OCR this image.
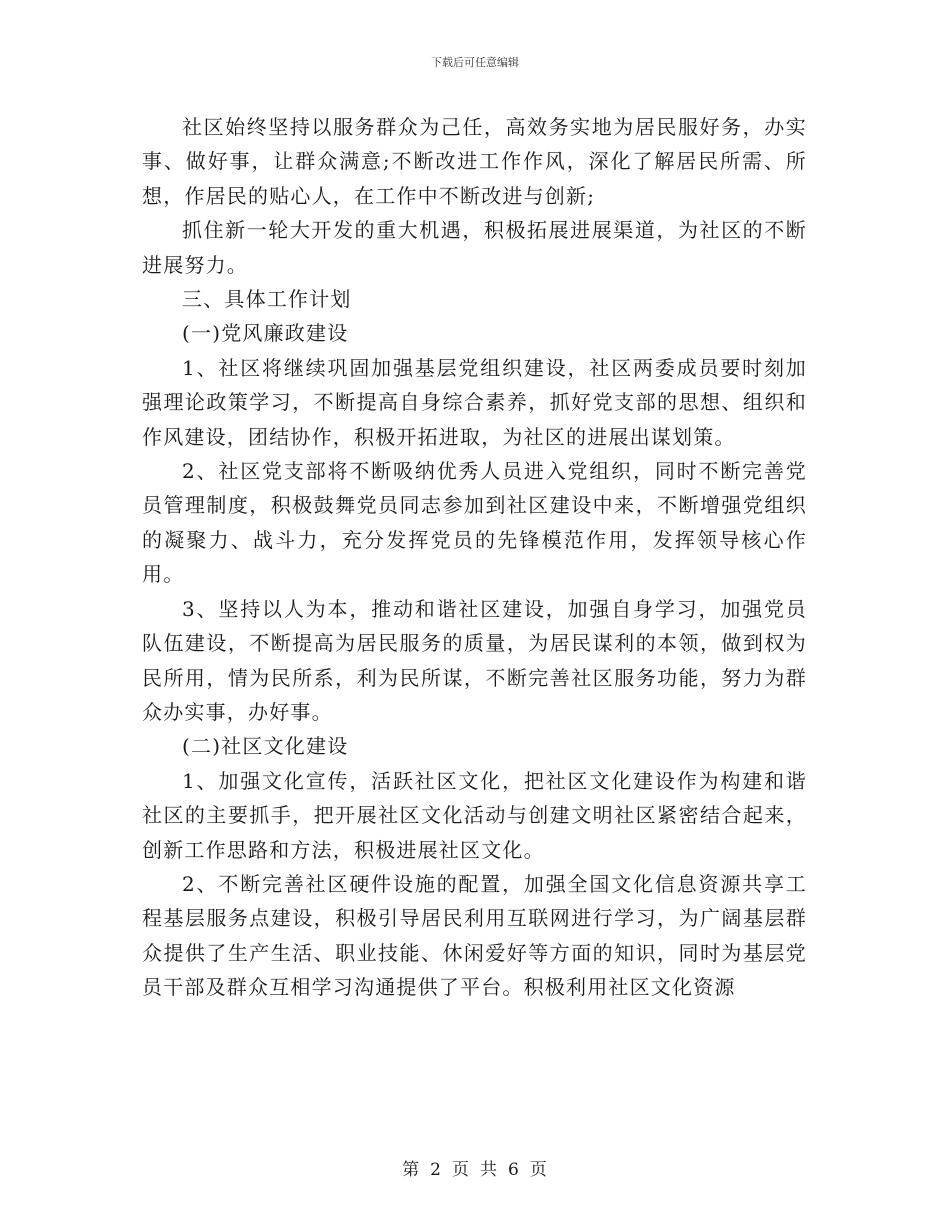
下载后可任意编辑

社区始终坚持以服务群众为己任，高效务实地为居民服好务，办实事、做好事，让群众满意;不断改进工作作风，深化了解居民所需、所想，作居民的贴心人，在工作中不断改进与创新;

抓住新一轮大开发的重大机遇，积极拓展进展渠道，为社区的不断进展努力。

三、具体工作计划

(一)党风廉政建设

1、社区将继续巩固加强基层党组织建设，社区两委成员要时刻加强理论政策学习，不断提高自身综合素养，抓好党支部的思想、组织和作风建设，团结协作，积极开拓进取，为社区的进展出谋划策。

2、社区党支部将不断吸纳优秀人员进入党组织，同时不断完善党员管理制度，积极鼓舞党员同志参加到社区建设中来，不断增强党组织的凝聚力、战斗力，充分发挥党员的先锋模范作用，发挥领导核心作用。

3、坚持以人为本，推动和谐社区建设，加强自身学习，加强党员队伍建设，不断提高为居民服务的质量，为居民谋利的本领，做到权为民所用，情为民所系，利为民所谋，不断完善社区服务功能，努力为群众办实事，办好事。

(二)社区文化建设

1、加强文化宣传，活跃社区文化，把社区文化建设作为构建和谐社区的主要抓手，把开展社区文化活动与创建文明社区紧密结合起来，创新工作思路和方法，积极进展社区文化。

2、不断完善社区硬件设施的配置，加强全国文化信息资源共享工程基层服务点建设，积极引导居民利用互联网进行学习，为广阔基层群众提供了生产生活、职业技能、休闲爱好等方面的知识，同时为基层党员干部及群众互相学习沟通提供了平台。积极利用社区文化资源

第 2 页 共 6 页
